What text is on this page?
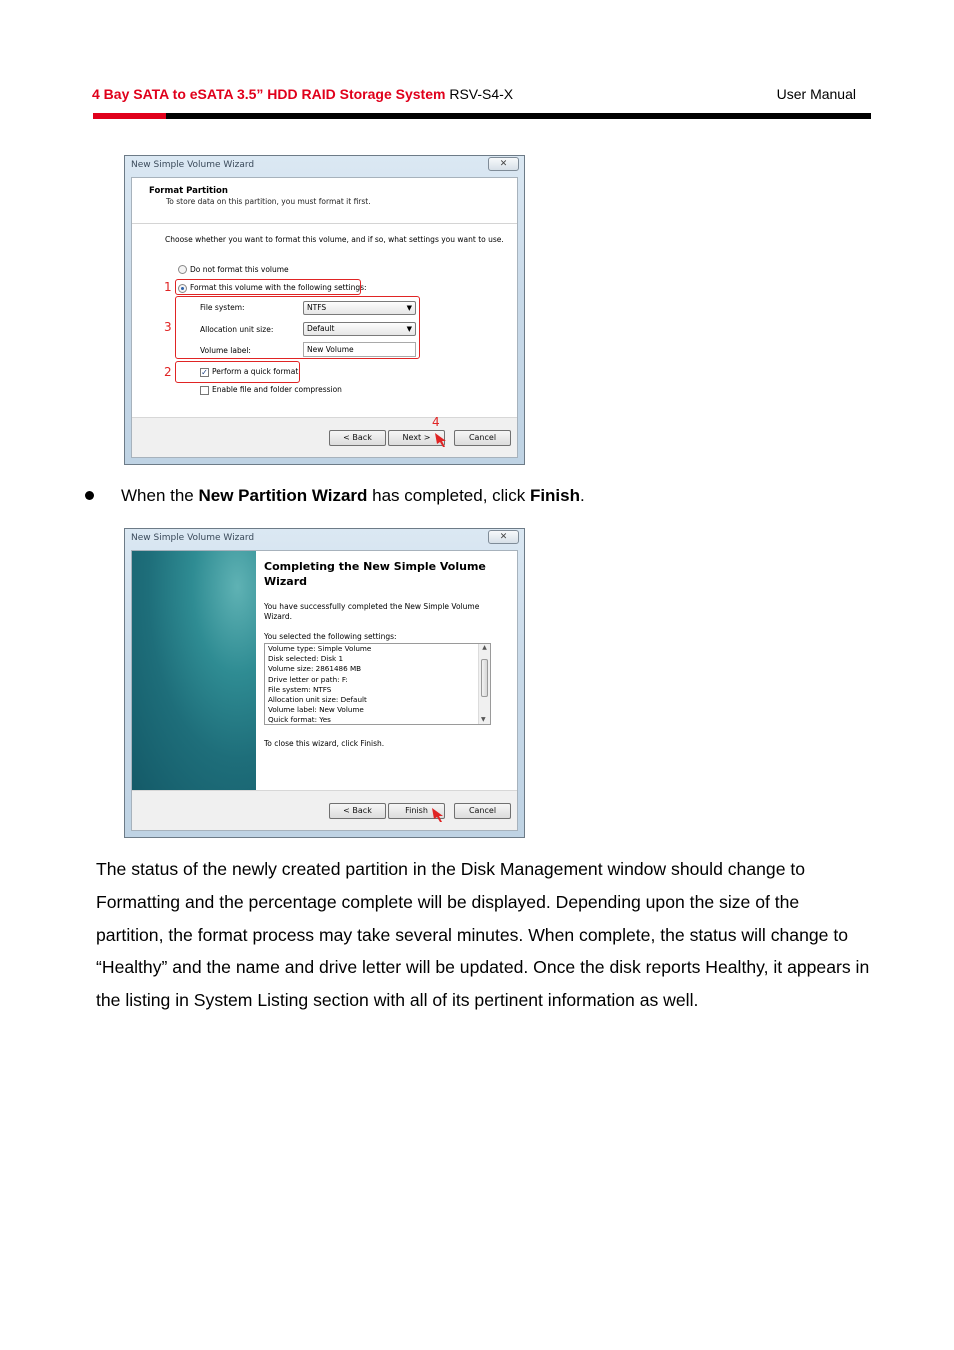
4 Bay SATA to eSATA 3.5” HDD RAID Storage System RSV-S4-X	User Manual
New Simple Volume Wizard	✕
Format Partition
To store data on this partition, you must format it first.
Choose whether you want to format this volume, and if so, what settings you want to use.
Do not format this volume
Format this volume with the following settings:
File system:	NTFS	▼
Allocation unit size:	Default	▼
Volume label:	New Volume
✓ Perform a quick format
Enable file and folder compression
1
2
3
< Back	Next >	Cancel
4
When the New Partition Wizard has completed, click Finish.
New Simple Volume Wizard	✕
Completing the New Simple Volume Wizard
You have successfully completed the New Simple Volume Wizard.
You selected the following settings:
Volume type: Simple Volume
Disk selected: Disk 1
Volume size: 2861486 MB
Drive letter or path: F:
File system: NTFS
Allocation unit size: Default
Volume label: New Volume
Quick format: Yes
▲
▼
To close this wizard, click Finish.
< Back	Finish	Cancel
The status of the newly created partition in the Disk Management window should change to Formatting and the percentage complete will be displayed. Depending upon the size of the partition, the format process may take several minutes. When complete, the status will change to “Healthy” and the name and drive letter will be updated. Once the disk reports Healthy, it appears in the listing in System Listing section with all of its pertinent information as well.
